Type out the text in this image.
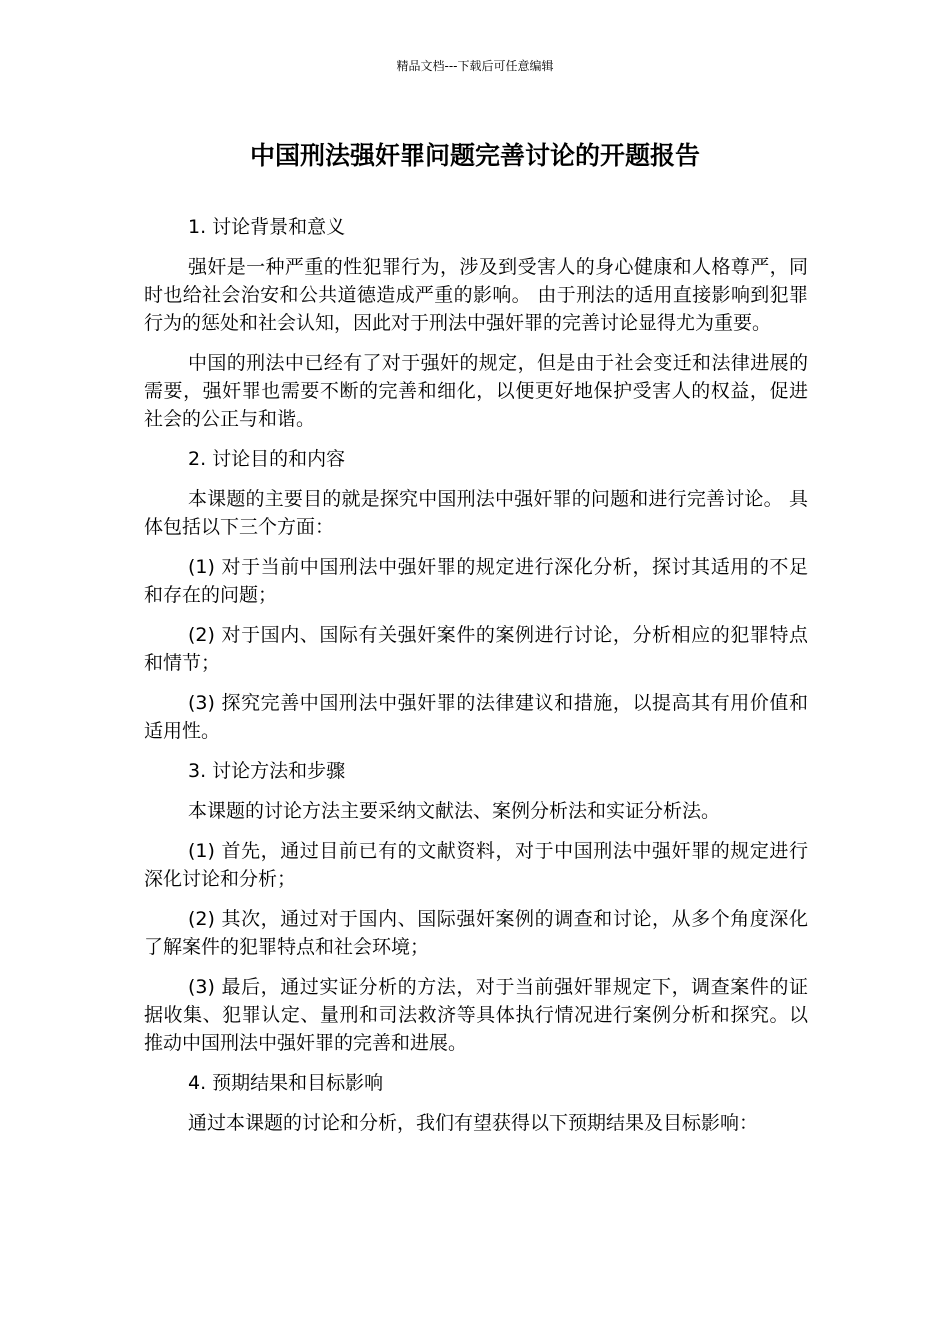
精品文档---下载后可任意编辑
中国刑法强奸罪问题完善讨论的开题报告

1. 讨论背景和意义

强奸是一种严重的性犯罪行为，涉及到受害人的身心健康和人格尊严，同时也给社会治安和公共道德造成严重的影响。 由于刑法的适用直接影响到犯罪行为的惩处和社会认知，因此对于刑法中强奸罪的完善讨论显得尤为重要。

中国的刑法中已经有了对于强奸的规定，但是由于社会变迁和法律进展的需要，强奸罪也需要不断的完善和细化，以便更好地保护受害人的权益，促进社会的公正与和谐。

2. 讨论目的和内容

本课题的主要目的就是探究中国刑法中强奸罪的问题和进行完善讨论。 具体包括以下三个方面：

(1) 对于当前中国刑法中强奸罪的规定进行深化分析，探讨其适用的不足和存在的问题；

(2) 对于国内、国际有关强奸案件的案例进行讨论，分析相应的犯罪特点和情节；

(3) 探究完善中国刑法中强奸罪的法律建议和措施，以提高其有用价值和适用性。

3. 讨论方法和步骤

本课题的讨论方法主要采纳文献法、案例分析法和实证分析法。

(1) 首先，通过目前已有的文献资料，对于中国刑法中强奸罪的规定进行深化讨论和分析；

(2) 其次，通过对于国内、国际强奸案例的调查和讨论，从多个角度深化了解案件的犯罪特点和社会环境；

(3) 最后，通过实证分析的方法，对于当前强奸罪规定下，调查案件的证据收集、犯罪认定、量刑和司法救济等具体执行情况进行案例分析和探究。以推动中国刑法中强奸罪的完善和进展。

4. 预期结果和目标影响

通过本课题的讨论和分析，我们有望获得以下预期结果及目标影响：
